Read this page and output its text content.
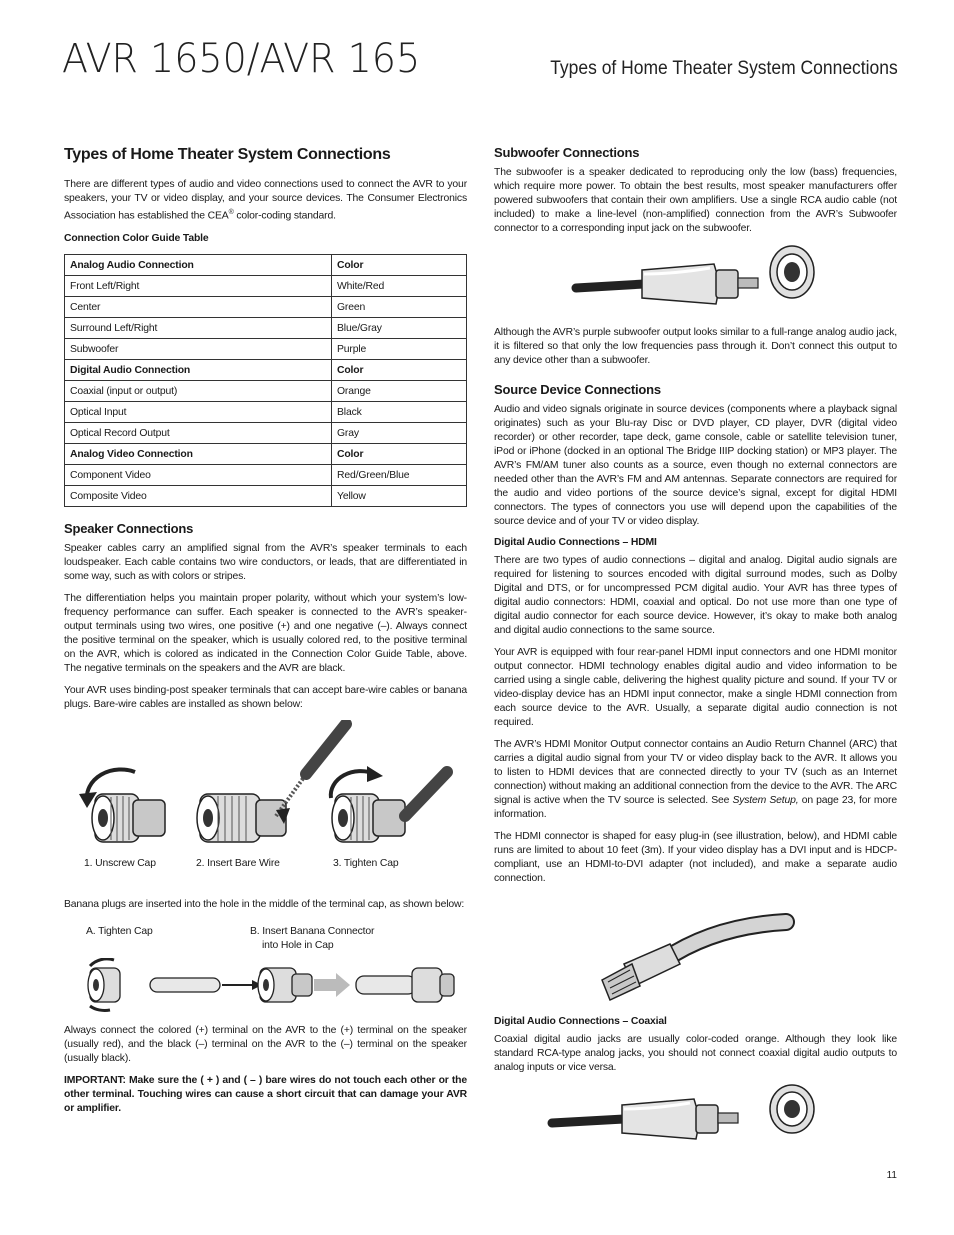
AVR 1650/AVR 165	Types of Home Theater System Connections
Types of Home Theater System Connections

There are different types of audio and video connections used to connect the AVR to your speakers, your TV or video display, and your source devices. The Consumer Electronics Association has established the CEA® color-coding standard.

Connection Color Guide Table
Analog Audio Connection	Color
Front Left/Right	White/Red
Center	Green
Surround Left/Right	Blue/Gray
Subwoofer	Purple
Digital Audio Connection	Color
Coaxial (input or output)	Orange
Optical Input	Black
Optical Record Output	Gray
Analog Video Connection	Color
Component Video	Red/Green/Blue
Composite Video	Yellow
Speaker Connections

Speaker cables carry an amplified signal from the AVR’s speaker terminals to each loudspeaker. Each cable contains two wire conductors, or leads, that are differentiated in some way, such as with colors or stripes.

The differentiation helps you maintain proper polarity, without which your system’s low-frequency performance can suffer. Each speaker is connected to the AVR’s speaker-output terminals using two wires, one positive (+) and one negative (–). Always connect the positive terminal on the speaker, which is usually colored red, to the positive terminal on the AVR, which is colored as indicated in the Connection Color Guide Table, above. The negative terminals on the speakers and the AVR are black.

Your AVR uses binding-post speaker terminals that can accept bare-wire cables or banana plugs. Bare-wire cables are installed as shown below:

1. Unscrew Cap	2. Insert Bare Wire	3. Tighten Cap

Banana plugs are inserted into the hole in the middle of the terminal cap, as shown below:

A. Tighten Cap	B. Insert Banana Connector
into Hole in Cap

Always connect the colored (+) terminal on the AVR to the (+) terminal on the speaker (usually red), and the black (–) terminal on the AVR to the (–) terminal on the speaker (usually black).

IMPORTANT: Make sure the ( + ) and ( – ) bare wires do not touch each other or the other terminal. Touching wires can cause a short circuit that can damage your AVR or amplifier.

Subwoofer Connections

The subwoofer is a speaker dedicated to reproducing only the low (bass) frequencies, which require more power. To obtain the best results, most speaker manufacturers offer powered subwoofers that contain their own amplifiers. Use a single RCA audio cable (not included) to make a line-level (non-amplified) connection from the AVR’s Subwoofer connector to a corresponding input jack on the subwoofer.

Although the AVR’s purple subwoofer output looks similar to a full-range analog audio jack, it is filtered so that only the low frequencies pass through it. Don’t connect this output to any device other than a subwoofer.

Source Device Connections

Audio and video signals originate in source devices (components where a playback signal originates) such as your Blu-ray Disc or DVD player, CD player, DVR (digital video recorder) or other recorder, tape deck, game console, cable or satellite television tuner, iPod or iPhone (docked in an optional The Bridge IIIP docking station) or MP3 player. The AVR’s FM/AM tuner also counts as a source, even though no external connectors are needed other than the AVR’s FM and AM antennas. Separate connectors are required for the audio and video portions of the source device’s signal, except for digital HDMI connectors. The types of connectors you use will depend upon the capabilities of the source device and of your TV or video display.

Digital Audio Connections – HDMI

There are two types of audio connections – digital and analog. Digital audio signals are required for listening to sources encoded with digital surround modes, such as Dolby Digital and DTS, or for uncompressed PCM digital audio. Your AVR has three types of digital audio connectors: HDMI, coaxial and optical. Do not use more than one type of digital audio connector for each source device. However, it’s okay to make both analog and digital audio connections to the same source.

Your AVR is equipped with four rear-panel HDMI input connectors and one HDMI monitor output connector. HDMI technology enables digital audio and video information to be carried using a single cable, delivering the highest quality picture and sound. If your TV or video-display device has an HDMI input connector, make a single HDMI connection from each source device to the AVR. Usually, a separate digital audio connection is not required.

The AVR’s HDMI Monitor Output connector contains an Audio Return Channel (ARC) that carries a digital audio signal from your TV or video display back to the AVR. It allows you to listen to HDMI devices that are connected directly to your TV (such as an Internet connection) without making an additional connection from the device to the AVR. The ARC signal is active when the TV source is selected. See System Setup, on page 23, for more information.

The HDMI connector is shaped for easy plug-in (see illustration, below), and HDMI cable runs are limited to about 10 feet (3m). If your video display has a DVI input and is HDCP-compliant, use an HDMI-to-DVI adapter (not included), and make a separate audio connection.

Digital Audio Connections – Coaxial

Coaxial digital audio jacks are usually color-coded orange. Although they look like standard RCA-type analog jacks, you should not connect coaxial digital audio outputs to analog inputs or vice versa.

11
